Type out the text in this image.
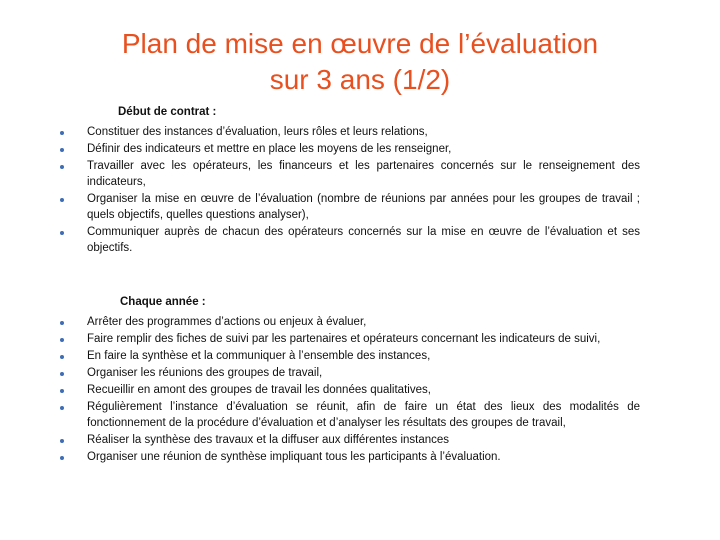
Plan de mise en œuvre de l’évaluation
sur 3 ans (1/2)
Début de contrat :
Constituer des instances d’évaluation, leurs rôles et leurs relations,
Définir des indicateurs et mettre en place les moyens de les renseigner,
Travailler avec les opérateurs, les financeurs et les partenaires concernés sur le renseignement des indicateurs,
Organiser la mise en œuvre de l’évaluation (nombre de réunions par années pour les groupes de travail ; quels objectifs, quelles questions analyser),
Communiquer auprès de chacun des opérateurs concernés sur la mise en œuvre de l’évaluation et ses objectifs.
Chaque année :
Arrêter des programmes d’actions ou enjeux à évaluer,
Faire remplir des fiches de suivi par les partenaires et opérateurs concernant les indicateurs de suivi,
En faire la synthèse et la communiquer à l’ensemble des instances,
Organiser les réunions des groupes de travail,
Recueillir en amont des groupes de travail les données qualitatives,
Régulièrement l’instance d’évaluation se réunit, afin de faire un état des lieux des modalités de fonctionnement de la procédure d’évaluation et d’analyser les résultats des groupes de travail,
Réaliser la synthèse des travaux et la diffuser aux différentes instances
Organiser une réunion de synthèse impliquant tous les participants à l’évaluation.
